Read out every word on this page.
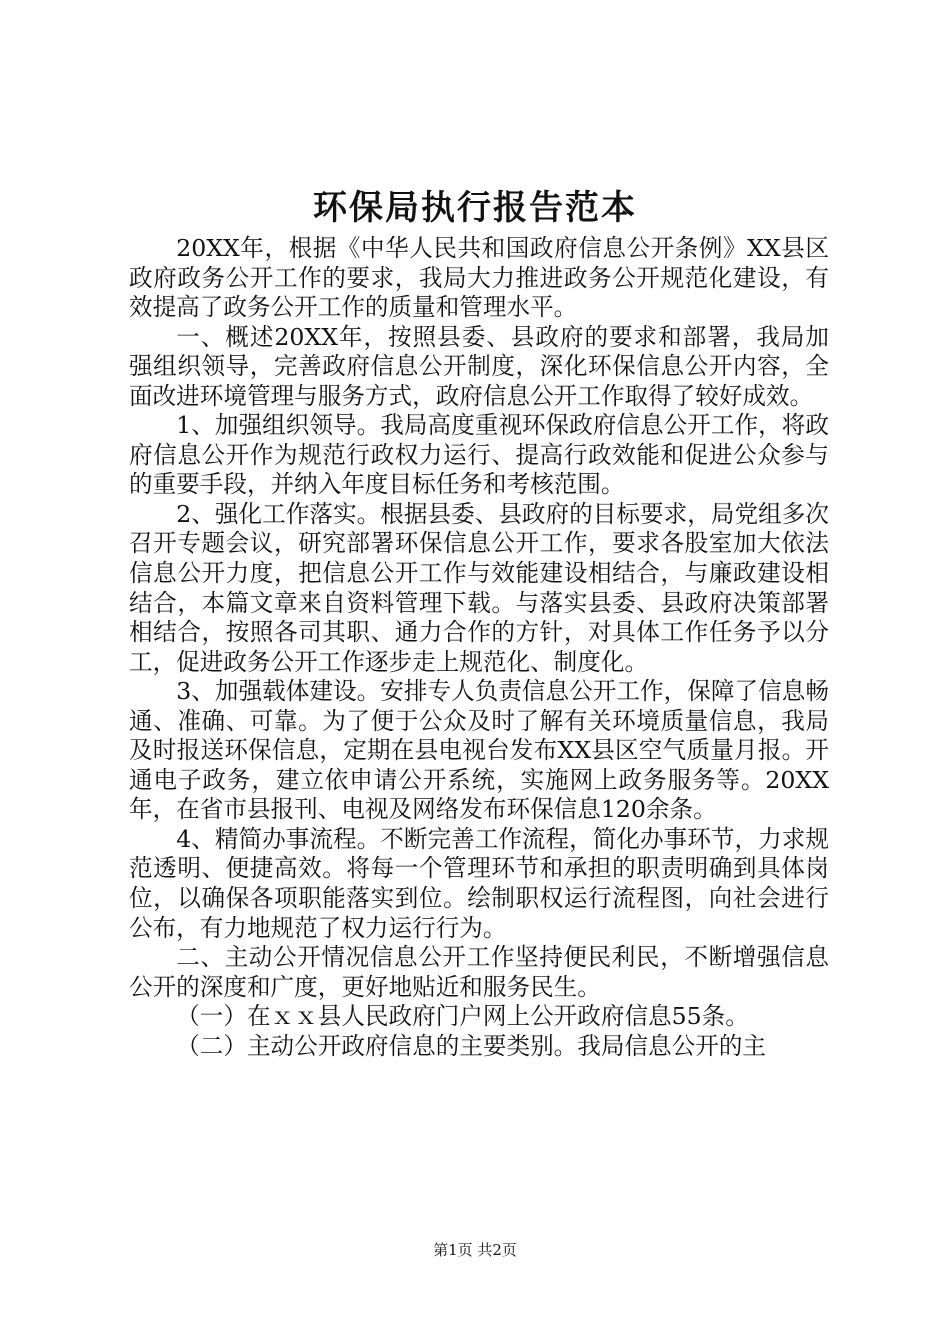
环保局执行报告范本

20XX年，根据《中华人民共和国政府信息公开条例》XX县区政府政务公开工作的要求，我局大力推进政务公开规范化建设，有效提高了政务公开工作的质量和管理水平。

一、概述20XX年，按照县委、县政府的要求和部署，我局加强组织领导，完善政府信息公开制度，深化环保信息公开内容，全面改进环境管理与服务方式，政府信息公开工作取得了较好成效。

1、加强组织领导。我局高度重视环保政府信息公开工作，将政府信息公开作为规范行政权力运行、提高行政效能和促进公众参与的重要手段，并纳入年度目标任务和考核范围。

2、强化工作落实。根据县委、县政府的目标要求，局党组多次召开专题会议，研究部署环保信息公开工作，要求各股室加大依法信息公开力度，把信息公开工作与效能建设相结合，与廉政建设相结合，本篇文章来自资料管理下载。与落实县委、县政府决策部署相结合，按照各司其职、通力合作的方针，对具体工作任务予以分工，促进政务公开工作逐步走上规范化、制度化。

3、加强载体建设。安排专人负责信息公开工作，保障了信息畅通、准确、可靠。为了便于公众及时了解有关环境质量信息，我局及时报送环保信息，定期在县电视台发布XX县区空气质量月报。开通电子政务，建立依申请公开系统，实施网上政务服务等。20XX年，在省市县报刊、电视及网络发布环保信息120余条。

4、精简办事流程。不断完善工作流程，简化办事环节，力求规范透明、便捷高效。将每一个管理环节和承担的职责明确到具体岗位，以确保各项职能落实到位。绘制职权运行流程图，向社会进行公布，有力地规范了权力运行行为。

二、主动公开情况信息公开工作坚持便民利民，不断增强信息公开的深度和广度，更好地贴近和服务民生。

（一）在ｘｘ县人民政府门户网上公开政府信息55条。

（二）主动公开政府信息的主要类别。我局信息公开的主

第1页 共2页
